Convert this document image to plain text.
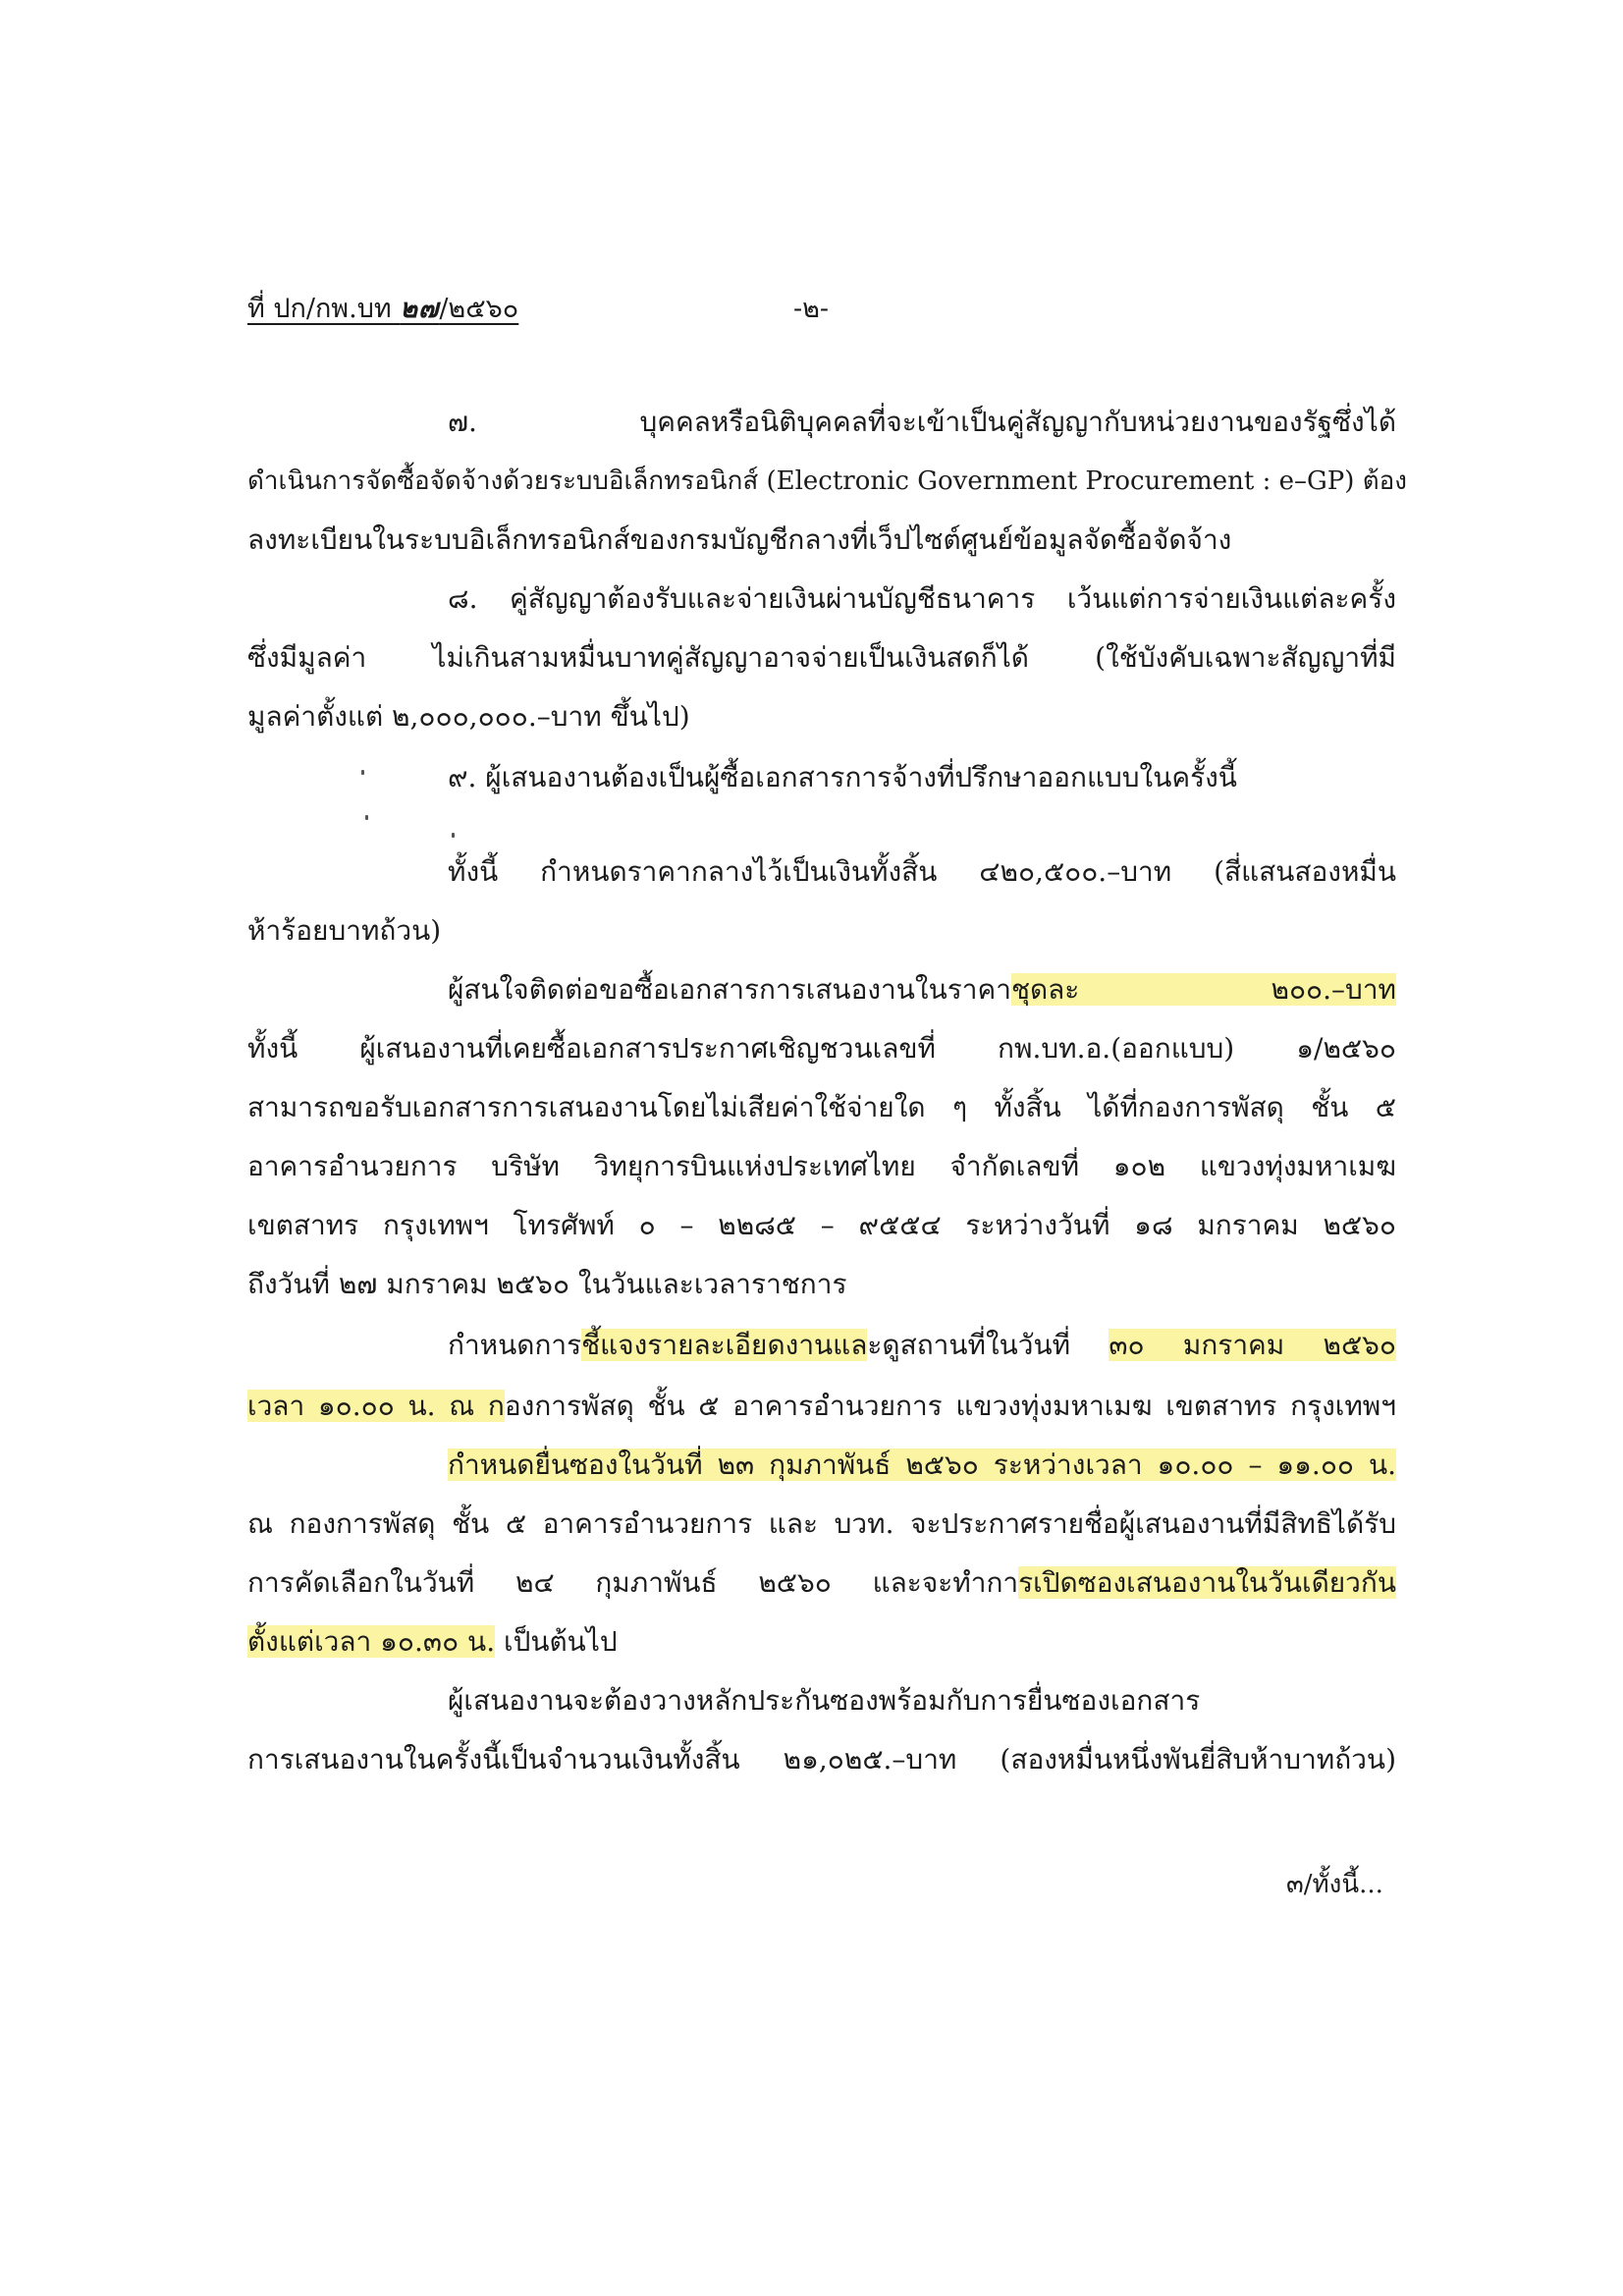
ที่ ปก/กพ.บท ๒๗/๒๕๖๐	-๒-
๗. บุคคลหรือนิติบุคคลที่จะเข้าเป็นคู่สัญญากับหน่วยงานของรัฐซึ่งได้
ดำเนินการจัดซื้อจัดจ้างด้วยระบบอิเล็กทรอนิกส์ (Electronic Government Procurement : e–GP) ต้อง
ลงทะเบียนในระบบอิเล็กทรอนิกส์ของกรมบัญชีกลางที่เว็ปไซต์ศูนย์ข้อมูลจัดซื้อจัดจ้าง
๘. คู่สัญญาต้องรับและจ่ายเงินผ่านบัญชีธนาคาร เว้นแต่การจ่ายเงินแต่ละครั้ง
ซึ่งมีมูลค่า ไม่เกินสามหมื่นบาทคู่สัญญาอาจจ่ายเป็นเงินสดก็ได้ (ใช้บังคับเฉพาะสัญญาที่มี
มูลค่าตั้งแต่ ๒,๐๐๐,๐๐๐.–บาท ขึ้นไป)
๙. ผู้เสนองานต้องเป็นผู้ซื้อเอกสารการจ้างที่ปรึกษาออกแบบในครั้งนี้
ทั้งนี้ กำหนดราคากลางไว้เป็นเงินทั้งสิ้น ๔๒๐,๕๐๐.–บาท (สี่แสนสองหมื่น
ห้าร้อยบาทถ้วน)
ผู้สนใจติดต่อขอซื้อเอกสารการเสนองานในราคาชุดละ ๒๐๐.–บาท
ทั้งนี้ ผู้เสนองานที่เคยซื้อเอกสารประกาศเชิญชวนเลขที่ กพ.บท.อ.(ออกแบบ) ๑/๒๕๖๐
สามารถขอรับเอกสารการเสนองานโดยไม่เสียค่าใช้จ่ายใด ๆ ทั้งสิ้น ได้ที่กองการพัสดุ ชั้น ๕
อาคารอำนวยการ บริษัท วิทยุการบินแห่งประเทศไทย จำกัดเลขที่ ๑๐๒ แขวงทุ่งมหาเมฆ
เขตสาทร กรุงเทพฯ โทรศัพท์ ๐ – ๒๒๘๕ – ๙๕๕๔ ระหว่างวันที่ ๑๘ มกราคม ๒๕๖๐
ถึงวันที่ ๒๗ มกราคม ๒๕๖๐ ในวันและเวลาราชการ
กำหนดการชี้แจงรายละเอียดงานและดูสถานที่ในวันที่ ๓๐ มกราคม ๒๕๖๐
เวลา ๑๐.๐๐ น. ณ กองการพัสดุ ชั้น ๕ อาคารอำนวยการ แขวงทุ่งมหาเมฆ เขตสาทร กรุงเทพฯ
กำหนดยื่นซองในวันที่ ๒๓ กุมภาพันธ์ ๒๕๖๐ ระหว่างเวลา ๑๐.๐๐ – ๑๑.๐๐ น.
ณ กองการพัสดุ ชั้น ๕ อาคารอำนวยการ และ บวท. จะประกาศรายชื่อผู้เสนองานที่มีสิทธิได้รับ
การคัดเลือกในวันที่ ๒๔ กุมภาพันธ์ ๒๕๖๐ และจะทำการเปิดซองเสนองานในวันเดียวกัน
ตั้งแต่เวลา ๑๐.๓๐ น. เป็นต้นไป
ผู้เสนองานจะต้องวางหลักประกันซองพร้อมกับการยื่นซองเอกสาร
การเสนองานในครั้งนี้เป็นจำนวนเงินทั้งสิ้น ๒๑,๐๒๕.–บาท (สองหมื่นหนึ่งพันยี่สิบห้าบาทถ้วน)
๓/ทั้งนี้...
